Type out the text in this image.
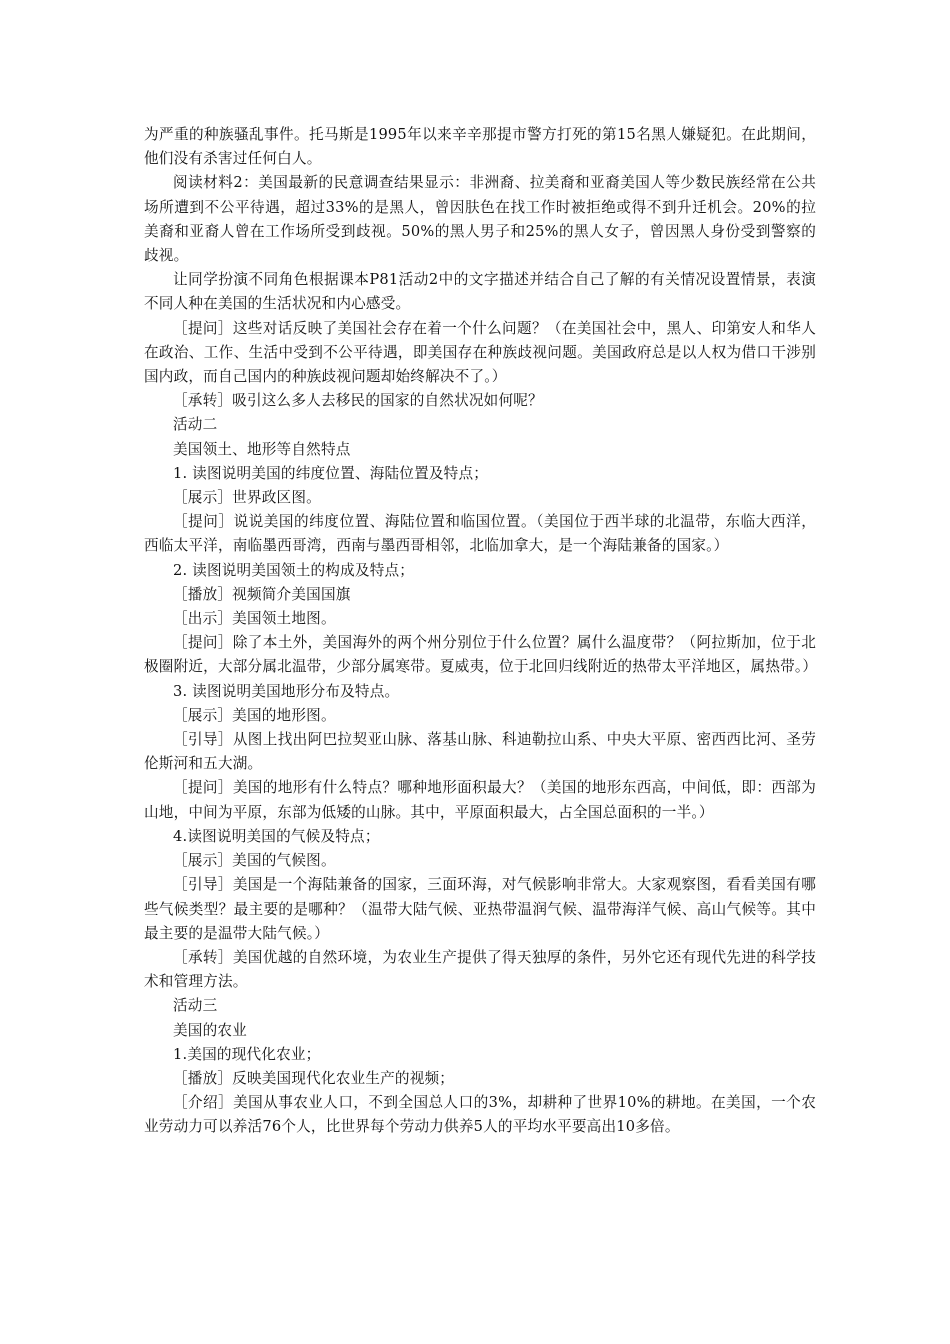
为严重的种族骚乱事件。托马斯是1995年以来辛辛那提市警方打死的第15名黑人嫌疑犯。在此期间，他们没有杀害过任何白人。

阅读材料2：美国最新的民意调查结果显示：非洲裔、拉美裔和亚裔美国人等少数民族经常在公共场所遭到不公平待遇，超过33%的是黑人，曾因肤色在找工作时被拒绝或得不到升迁机会。20%的拉美裔和亚裔人曾在工作场所受到歧视。50%的黑人男子和25%的黑人女子，曾因黑人身份受到警察的歧视。

让同学扮演不同角色根据课本P81活动2中的文字描述并结合自己了解的有关情况设置情景，表演不同人种在美国的生活状况和内心感受。

［提问］这些对话反映了美国社会存在着一个什么问题？（在美国社会中，黑人、印第安人和华人在政治、工作、生活中受到不公平待遇，即美国存在种族歧视问题。美国政府总是以人权为借口干涉别国内政，而自己国内的种族歧视问题却始终解决不了。）

［承转］吸引这么多人去移民的国家的自然状况如何呢？

活动二

美国领土、地形等自然特点

1. 读图说明美国的纬度位置、海陆位置及特点；

［展示］世界政区图。

［提问］说说美国的纬度位置、海陆位置和临国位置。（美国位于西半球的北温带，东临大西洋，西临太平洋，南临墨西哥湾，西南与墨西哥相邻，北临加拿大，是一个海陆兼备的国家。）

2. 读图说明美国领土的构成及特点；

［播放］视频简介美国国旗

［出示］美国领土地图。

［提问］除了本土外，美国海外的两个州分别位于什么位置？属什么温度带？（阿拉斯加，位于北极圈附近，大部分属北温带，少部分属寒带。夏威夷，位于北回归线附近的热带太平洋地区，属热带。）

3. 读图说明美国地形分布及特点。

［展示］美国的地形图。

［引导］从图上找出阿巴拉契亚山脉、落基山脉、科迪勒拉山系、中央大平原、密西西比河、圣劳伦斯河和五大湖。

［提问］美国的地形有什么特点？哪种地形面积最大？（美国的地形东西高，中间低，即：西部为山地，中间为平原，东部为低矮的山脉。其中，平原面积最大，占全国总面积的一半。）

4.读图说明美国的气候及特点；

［展示］美国的气候图。

［引导］美国是一个海陆兼备的国家，三面环海，对气候影响非常大。大家观察图，看看美国有哪些气候类型？最主要的是哪种？（温带大陆气候、亚热带温润气候、温带海洋气候、高山气候等。其中最主要的是温带大陆气候。）

［承转］美国优越的自然环境，为农业生产提供了得天独厚的条件，另外它还有现代先进的科学技术和管理方法。

活动三

美国的农业

1.美国的现代化农业；

［播放］反映美国现代化农业生产的视频；

［介绍］美国从事农业人口，不到全国总人口的3%，却耕种了世界10%的耕地。在美国，一个农业劳动力可以养活76个人，比世界每个劳动力供养5人的平均水平要高出10多倍。
